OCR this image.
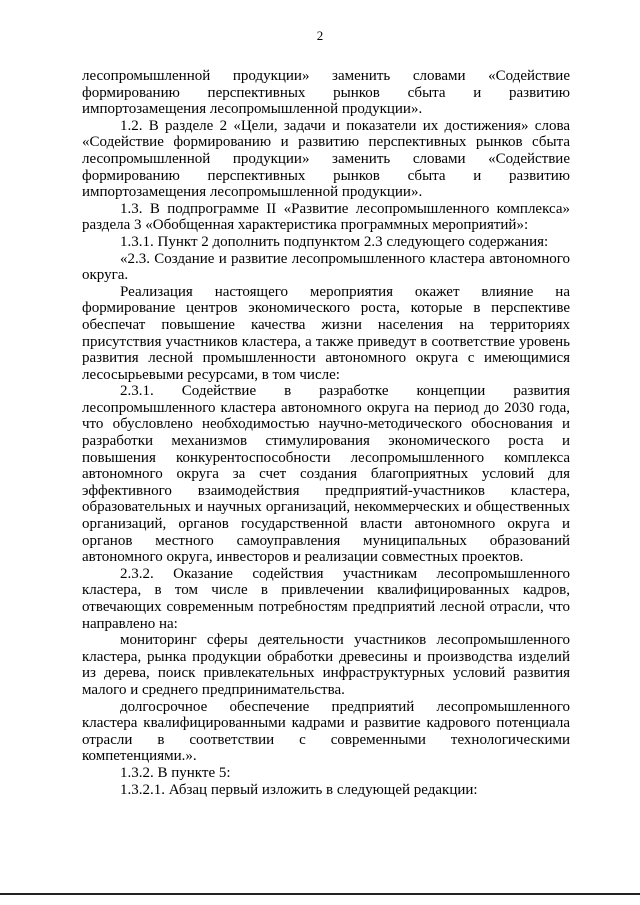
2

лесопромышленной продукции» заменить словами «Содействие формированию перспективных рынков сбыта и развитию импортозамещения лесопромышленной продукции».

1.2. В разделе 2 «Цели, задачи и показатели их достижения» слова «Содействие формированию и развитию перспективных рынков сбыта лесопромышленной продукции» заменить словами «Содействие формированию перспективных рынков сбыта и развитию импортозамещения лесопромышленной продукции».

1.3. В подпрограмме II «Развитие лесопромышленного комплекса» раздела 3 «Обобщенная характеристика программных мероприятий»:

1.3.1. Пункт 2 дополнить подпунктом 2.3 следующего содержания:

«2.3. Создание и развитие лесопромышленного кластера автономного округа.

Реализация настоящего мероприятия окажет влияние на формирование центров экономического роста, которые в перспективе обеспечат повышение качества жизни населения на территориях присутствия участников кластера, а также приведут в соответствие уровень развития лесной промышленности автономного округа с имеющимися лесосырьевыми ресурсами, в том числе:

2.3.1. Содействие в разработке концепции развития лесопромышленного кластера автономного округа на период до 2030 года, что обусловлено необходимостью научно-методического обоснования и разработки механизмов стимулирования экономического роста и повышения конкурентоспособности лесопромышленного комплекса автономного округа за счет создания благоприятных условий для эффективного взаимодействия предприятий-участников кластера, образовательных и научных организаций, некоммерческих и общественных организаций, органов государственной власти автономного округа и органов местного самоуправления муниципальных образований автономного округа, инвесторов и реализации совместных проектов.

2.3.2. Оказание содействия участникам лесопромышленного кластера, в том числе в привлечении квалифицированных кадров, отвечающих современным потребностям предприятий лесной отрасли, что направлено на:

мониторинг сферы деятельности участников лесопромышленного кластера, рынка продукции обработки древесины и производства изделий из дерева, поиск привлекательных инфраструктурных условий развития малого и среднего предпринимательства.

долгосрочное обеспечение предприятий лесопромышленного кластера квалифицированными кадрами и развитие кадрового потенциала отрасли в соответствии с современными технологическими компетенциями.».

1.3.2. В пункте 5:

1.3.2.1. Абзац первый изложить в следующей редакции:
